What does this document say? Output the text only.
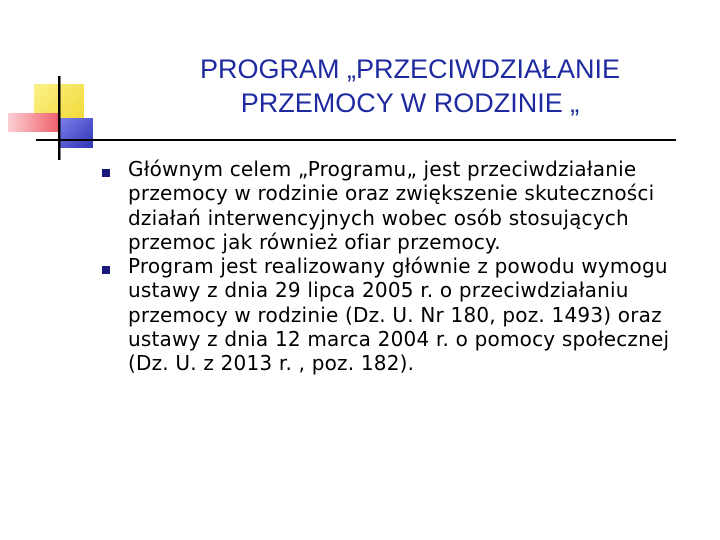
PROGRAM „PRZECIWDZIAŁANIE
PRZEMOCY W RODZINIE „
Głównym celem „Programu„ jest przeciwdziałanie przemocy w rodzinie oraz zwiększenie skuteczności działań interwencyjnych wobec osób stosujących przemoc jak również ofiar przemocy.
Program jest realizowany głównie z powodu wymogu ustawy z dnia 29 lipca 2005 r. o przeciwdziałaniu przemocy w rodzinie (Dz. U. Nr 180, poz. 1493) oraz ustawy z dnia 12 marca 2004 r. o pomocy społecznej (Dz. U. z 2013 r. , poz. 182).
